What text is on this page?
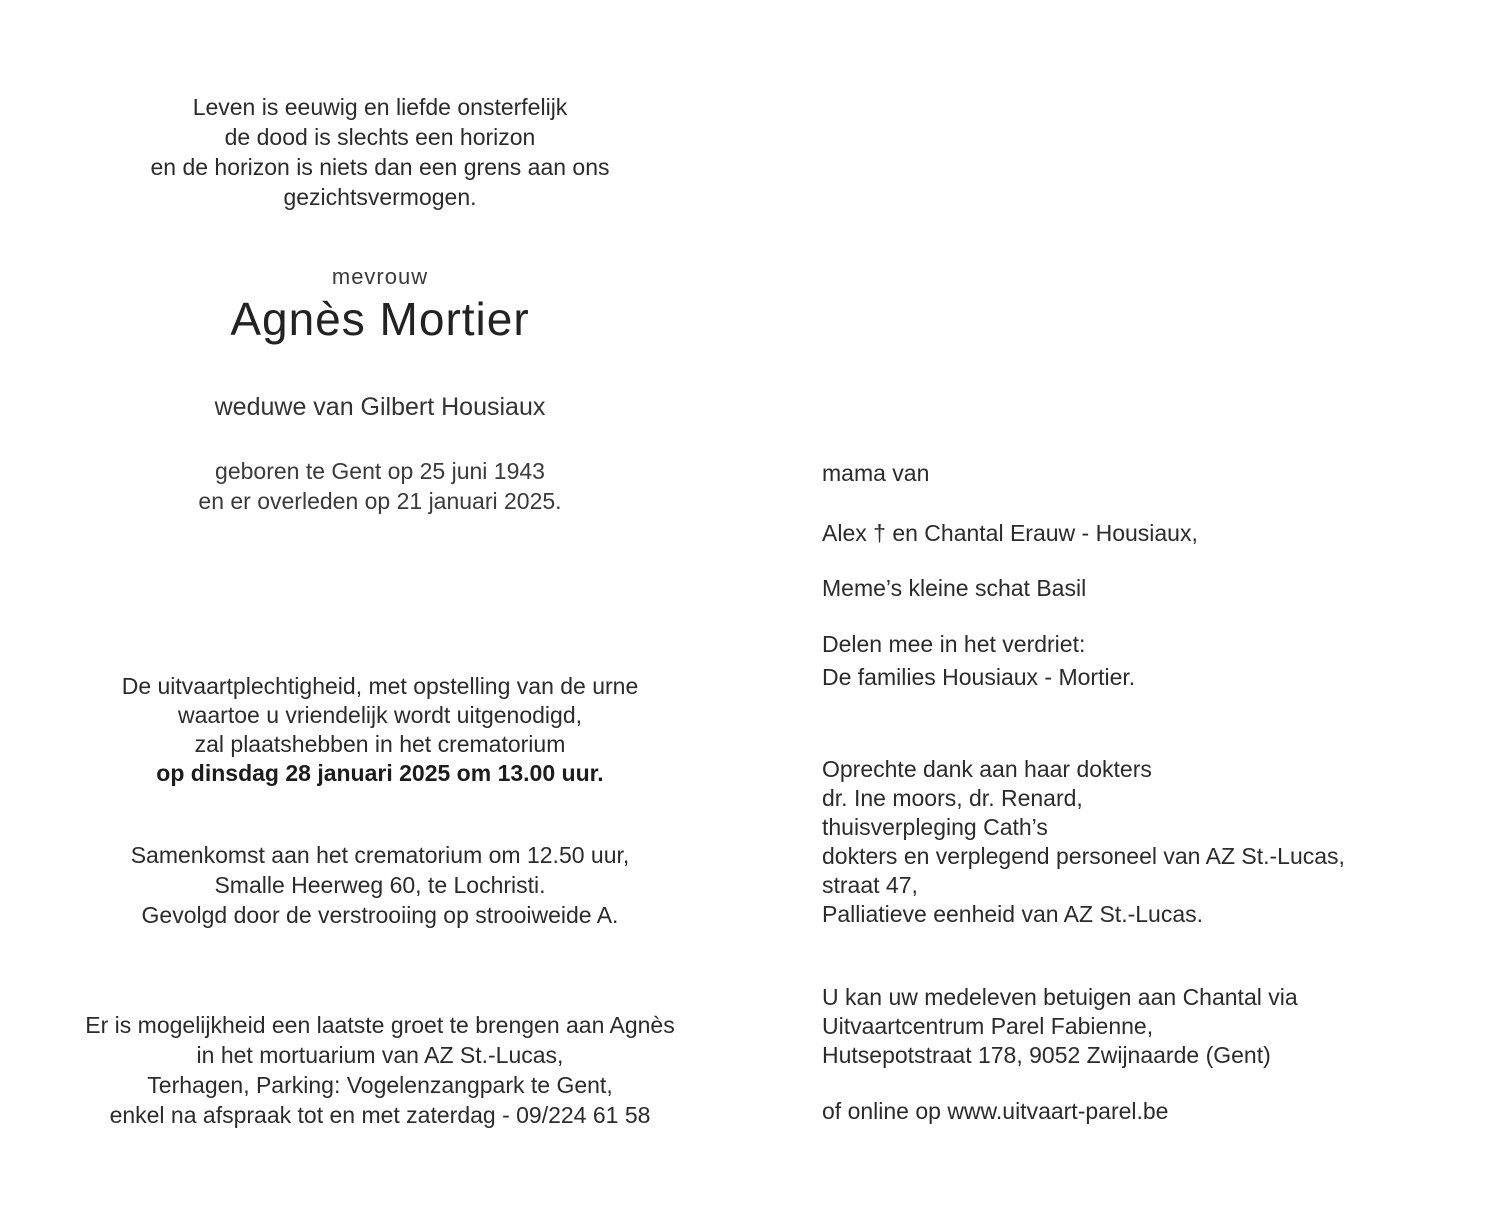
Leven is eeuwig en liefde onsterfelijk
de dood is slechts een horizon
en de horizon is niets dan een grens aan ons
gezichtsvermogen.
mevrouw
Agnès Mortier
weduwe van Gilbert Housiaux
geboren te Gent op 25 juni 1943
en er overleden op 21 januari 2025.
De uitvaartplechtigheid, met opstelling van de urne
waartoe u vriendelijk wordt uitgenodigd,
zal plaatshebben in het crematorium
op dinsdag 28 januari 2025 om 13.00 uur.
Samenkomst aan het crematorium om 12.50 uur,
Smalle Heerweg 60, te Lochristi.
Gevolgd door de verstrooiing op strooiweide A.
Er is mogelijkheid een laatste groet te brengen aan Agnès
in het mortuarium van AZ St.-Lucas,
Terhagen, Parking: Vogelenzangpark te Gent,
enkel na afspraak tot en met zaterdag - 09/224 61 58
mama van
Alex † en Chantal Erauw - Housiaux,
Meme’s kleine schat Basil
Delen mee in het verdriet:
De families Housiaux - Mortier.
Oprechte dank aan haar dokters
dr. Ine moors, dr. Renard,
thuisverpleging Cath’s
dokters en verplegend personeel van AZ St.-Lucas,
straat 47,
Palliatieve eenheid van AZ St.-Lucas.
U kan uw medeleven betuigen aan Chantal via
Uitvaartcentrum Parel Fabienne,
Hutsepotstraat 178, 9052 Zwijnaarde (Gent)
of online op www.uitvaart-parel.be
